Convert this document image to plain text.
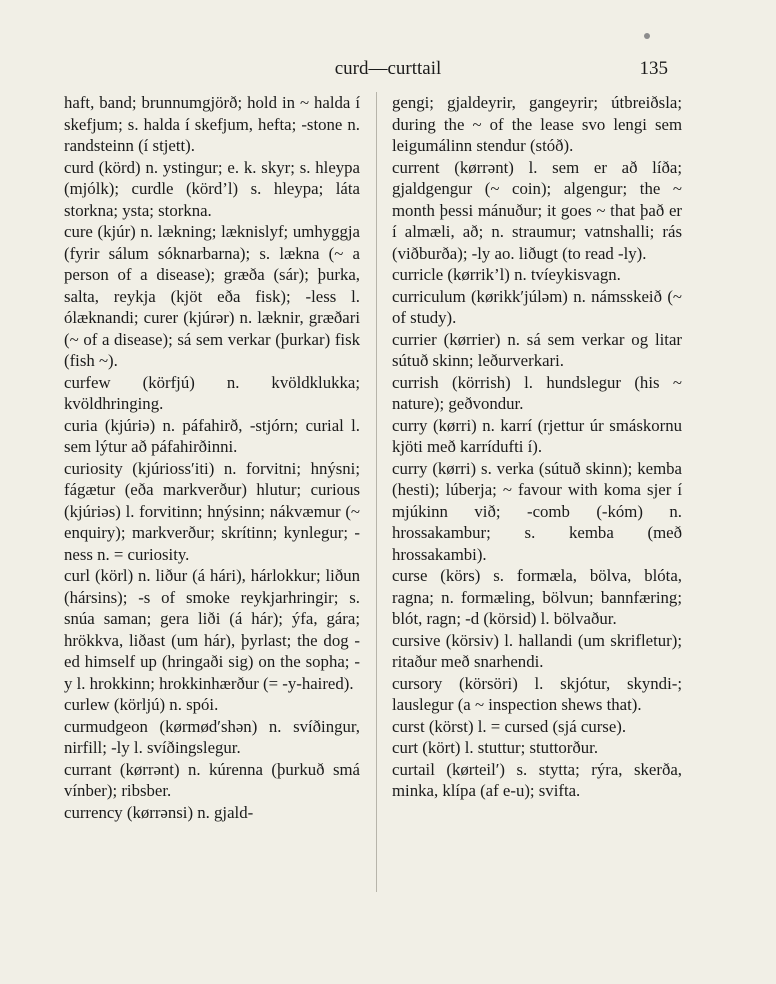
curd—curttail	135

haft, band; brunnumgjörð; hold in ~ halda í skefjum; s. halda í skefjum, hefta; -stone n. randsteinn (í stjett).

curd (körd) n. ystingur; e. k. skyr; s. hleypa (mjólk); curdle (körd’l) s. hleypa; láta storkna; ysta; storkna.

cure (kjúr) n. lækning; læknislyf; umhyggja (fyrir sálum sóknarbarna); s. lækna (~ a person of a disease); græða (sár); þurka, salta, reykja (kjöt eða fisk); -less l. ólæknandi; curer (kjúrər) n. læknir, græðari (~ of a disease); sá sem verkar (þurkar) fisk (fish ~).

curfew (körfjú) n. kvöldklukka; kvöldhringing.

curia (kjúriə) n. páfahirð, -stjórn; curial l. sem lýtur að páfahirðinni.

curiosity (kjúriossʹiti) n. forvitni; hnýsni; fágætur (eða markverður) hlutur; curious (kjúriəs) l. forvitinn; hnýsinn; nákvæmur (~ enquiry); markverður; skrítinn; kynlegur; -ness n. = curiosity.

curl (körl) n. liður (á hári), hárlokkur; liðun (hársins); -s of smoke reykjarhringir; s. snúa saman; gera liði (á hár); ýfa, gára; hrökkva, liðast (um hár), þyrlast; the dog -ed himself up (hringaði sig) on the sopha; -y l. hrokkinn; hrokkinhærður (= -y-haired).

curlew (körljú) n. spói.

curmudgeon (kørmødʹshən) n. svíðingur, nirfill; -ly l. svíðingslegur.

currant (kørrənt) n. kúrenna (þurkuð smá vínber); ribsber.

currency (kørrənsi) n. gjald-

gengi; gjaldeyrir, gangeyrir; útbreiðsla; during the ~ of the lease svo lengi sem leigumálinn stendur (stóð).

current (kørrənt) l. sem er að líða; gjaldgengur (~ coin); algengur; the ~ month þessi mánuður; it goes ~ that það er í almæli, að; n. straumur; vatnshalli; rás (viðburða); -ly ao. liðugt (to read -ly).

curricle (kørrik’l) n. tvíeykisvagn.

curriculum (kørikkʹjúləm) n. námsskeið (~ of study).

currier (kørrier) n. sá sem verkar og litar sútuð skinn; leðurverkari.

currish (körrish) l. hundslegur (his ~ nature); geðvondur.

curry (kørri) n. karrí (rjettur úr smáskornu kjöti með karrídufti í).

curry (kørri) s. verka (sútuð skinn); kemba (hesti); lúberja; ~ favour with koma sjer í mjúkinn við; -comb (-kóm) n. hrossakambur; s. kemba (með hrossakambi).

curse (körs) s. formæla, bölva, blóta, ragna; n. formæling, bölvun; bannfæring; blót, ragn; -d (körsid) l. bölvaður.

cursive (körsiv) l. hallandi (um skrifletur); ritaður með snarhendi.

cursory (körsöri) l. skjótur, skyndi-; lauslegur (a ~ inspection shews that).

curst (körst) l. = cursed (sjá curse).

curt (kört) l. stuttur; stuttorður.

curtail (kørteilʹ) s. stytta; rýra, skerða, minka, klípa (af e-u); svifta.
